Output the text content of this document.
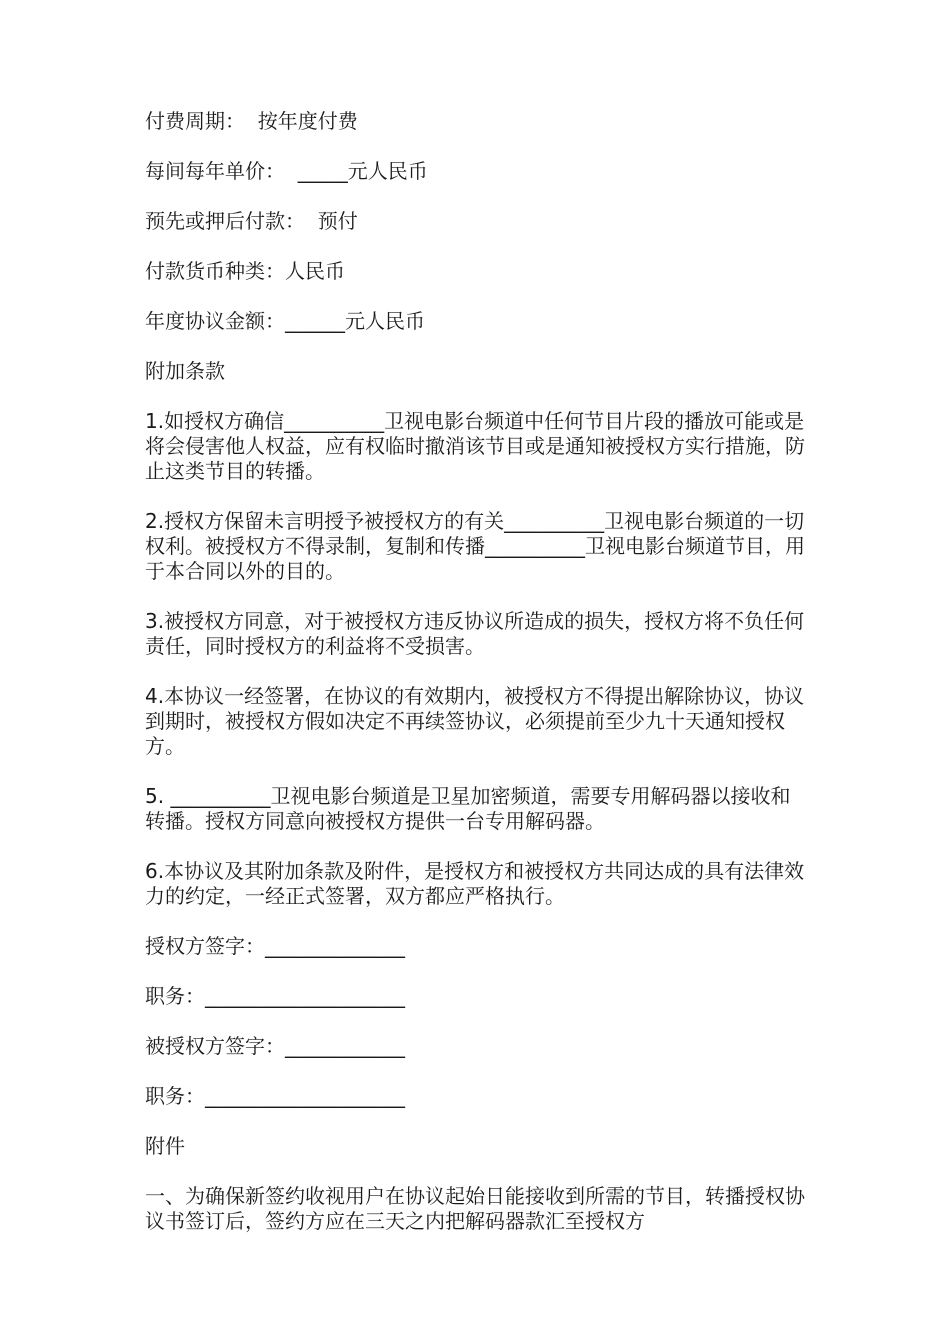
付费周期：  按年度付费

每间每年单价：  _____元人民币

预先或押后付款：  预付

付款货币种类：人民币

年度协议金额：______元人民币

附加条款

1.如授权方确信__________卫视电影台频道中任何节目片段的播放可能或是将会侵害他人权益，应有权临时撤消该节目或是通知被授权方实行措施，防止这类节目的转播。

2.授权方保留未言明授予被授权方的有关__________卫视电影台频道的一切权利。被授权方不得录制，复制和传播__________卫视电影台频道节目，用于本合同以外的目的。

3.被授权方同意，对于被授权方违反协议所造成的损失，授权方将不负任何责任，同时授权方的利益将不受损害。

4.本协议一经签署，在协议的有效期内，被授权方不得提出解除协议，协议到期时，被授权方假如决定不再续签协议，必须提前至少九十天通知授权方。

5. __________卫视电影台频道是卫星加密频道，需要专用解码器以接收和转播。授权方同意向被授权方提供一台专用解码器。

6.本协议及其附加条款及附件，是授权方和被授权方共同达成的具有法律效力的约定，一经正式签署，双方都应严格执行。

授权方签字：______________

职务：____________________

被授权方签字：____________

职务：____________________

附件

一、为确保新签约收视用户在协议起始日能接收到所需的节目，转播授权协议书签订后，签约方应在三天之内把解码器款汇至授权方
